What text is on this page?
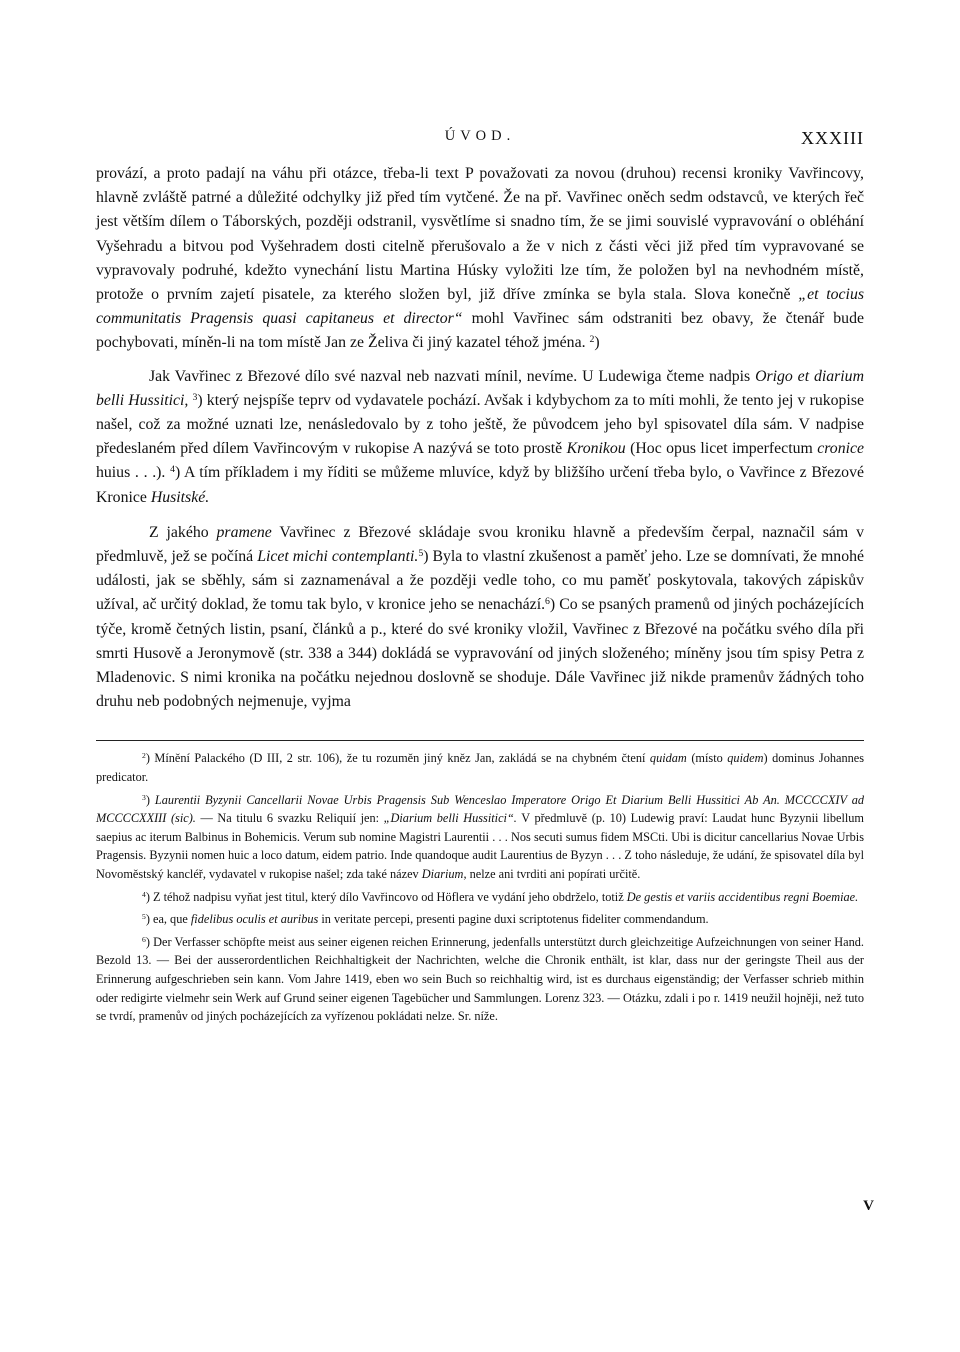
ÚVOD.	XXXIII

provází, a proto padají na váhu při otázce, třeba-li text P považovati za novou (druhou) recensi kroniky Vavřincovy, hlavně zvláště patrné a důležité odchylky již před tím vytčené. Že na př. Vavřinec oněch sedm odstavců, ve kterých řeč jest větším dílem o Táborských, později odstranil, vysvětlíme si snadno tím, že se jimi souvislé vypravování o obléhání Vyšehradu a bitvou pod Vyšehradem dosti citelně přerušovalo a že v nich z části věci již před tím vypravované se vypravovaly podruhé, kdežto vynechání listu Martina Húsky vyložiti lze tím, že položen byl na nevhodném místě, protože o prvním zajetí pisatele, za kterého složen byl, již dříve zmínka se byla stala. Slova konečně „et tocius communitatis Pragensis quasi capitaneus et director“ mohl Vavřinec sám odstraniti bez obavy, že čtenář bude pochybovati, míněn-li na tom místě Jan ze Želiva či jiný kazatel téhož jména. $^2$)

Jak Vavřinec z Březové dílo své nazval neb nazvati mínil, nevíme. U Ludewiga čteme nadpis Origo et diarium belli Hussitici, $^3$) který nejspíše teprv od vydavatele pochází. Avšak i kdybychom za to míti mohli, že tento jej v rukopise našel, což za možné uznati lze, nenásledovalo by z toho ještě, že původcem jeho byl spisovatel díla sám. V nadpise předeslaném před dílem Vavřincovým v rukopise A nazývá se toto prostě Kronikou (Hoc opus licet imperfectum cronice huius . . .). $^4$) A tím příkladem i my říditi se můžeme mluvíce, když by bližšího určení třeba bylo, o Vavřince z Březové Kronice Husitské.

Z jakého pramene Vavřinec z Březové skládaje svou kroniku hlavně a především čerpal, naznačil sám v předmluvě, jež se počíná Licet michi contemplanti.$^5$) Byla to vlastní zkušenost a paměť jeho. Lze se domnívati, že mnohé události, jak se sběhly, sám si zaznamenával a že později vedle toho, co mu paměť poskytovala, takových zápiskův užíval, ač určitý doklad, že tomu tak bylo, v kronice jeho se nenachází.$^6$) Co se psaných pramenů od jiných pocházejících týče, kromě četných listin, psaní, článků a p., které do své kroniky vložil, Vavřinec z Březové na počátku svého díla při smrti Husově a Jeronymově (str. 338 a 344) dokládá se vypravování od jiných složeného; míněny jsou tím spisy Petra z Mladenovic. S nimi kronika na počátku nejednou doslovně se shoduje. Dále Vavřinec již nikde pramenův žádných toho druhu neb podobných nejmenuje, vyjma

$^2$) Mínění Palackého (D III, 2 str. 106), že tu rozuměn jiný kněz Jan, zakládá se na chybném čtení quidam (místo quidem) dominus Johannes predicator.

$^3$) Laurentii Byzynii Cancellarii Novae Urbis Pragensis Sub Wenceslao Imperatore Origo Et Diarium Belli Hussitici Ab An. MCCCCXIV ad MCCCCXXIII (sic). — Na titulu 6 svazku Reliquií jen: „Diarium belli Hussitici“. V předmluvě (p. 10) Ludewig praví: Laudat hunc Byzynii libellum saepius ac iterum Balbinus in Bohemicis. Verum sub nomine Magistri Laurentii . . . Nos secuti sumus fidem MSCti. Ubi is dicitur cancellarius Novae Urbis Pragensis. Byzynii nomen huic a loco datum, eidem patrio. Inde quandoque audit Laurentius de Byzyn . . . Z toho následuje, že udání, že spisovatel díla byl Novoměstský kancléř, vydavatel v rukopise našel; zda také název Diarium, nelze ani tvrditi ani popírati určitě.

$^4$) Z téhož nadpisu vyňat jest titul, který dílo Vavřincovo od Höflera ve vydání jeho obdrželo, totiž De gestis et variis accidentibus regni Boemiae.

$^5$) ea, que fidelibus oculis et auribus in veritate percepi, presenti pagine duxi scriptotenus fideliter commendandum.

$^6$) Der Verfasser schöpfte meist aus seiner eigenen reichen Erinnerung, jedenfalls unterstützt durch gleichzeitige Aufzeichnungen von seiner Hand. Bezold 13. — Bei der ausserordentlichen Reichhaltigkeit der Nachrichten, welche die Chronik enthält, ist klar, dass nur der geringste Theil aus der Erinnerung aufgeschrieben sein kann. Vom Jahre 1419, eben wo sein Buch so reichhaltig wird, ist es durchaus eigenständig; der Verfasser schrieb mithin oder redigirte vielmehr sein Werk auf Grund seiner eigenen Tagebücher und Sammlungen. Lorenz 323. — Otázku, zdali i po r. 1419 neužil hojněji, než tuto se tvrdí, pramenův od jiných pocházejících za vyřízenou pokládati nelze. Sr. níže.

V
